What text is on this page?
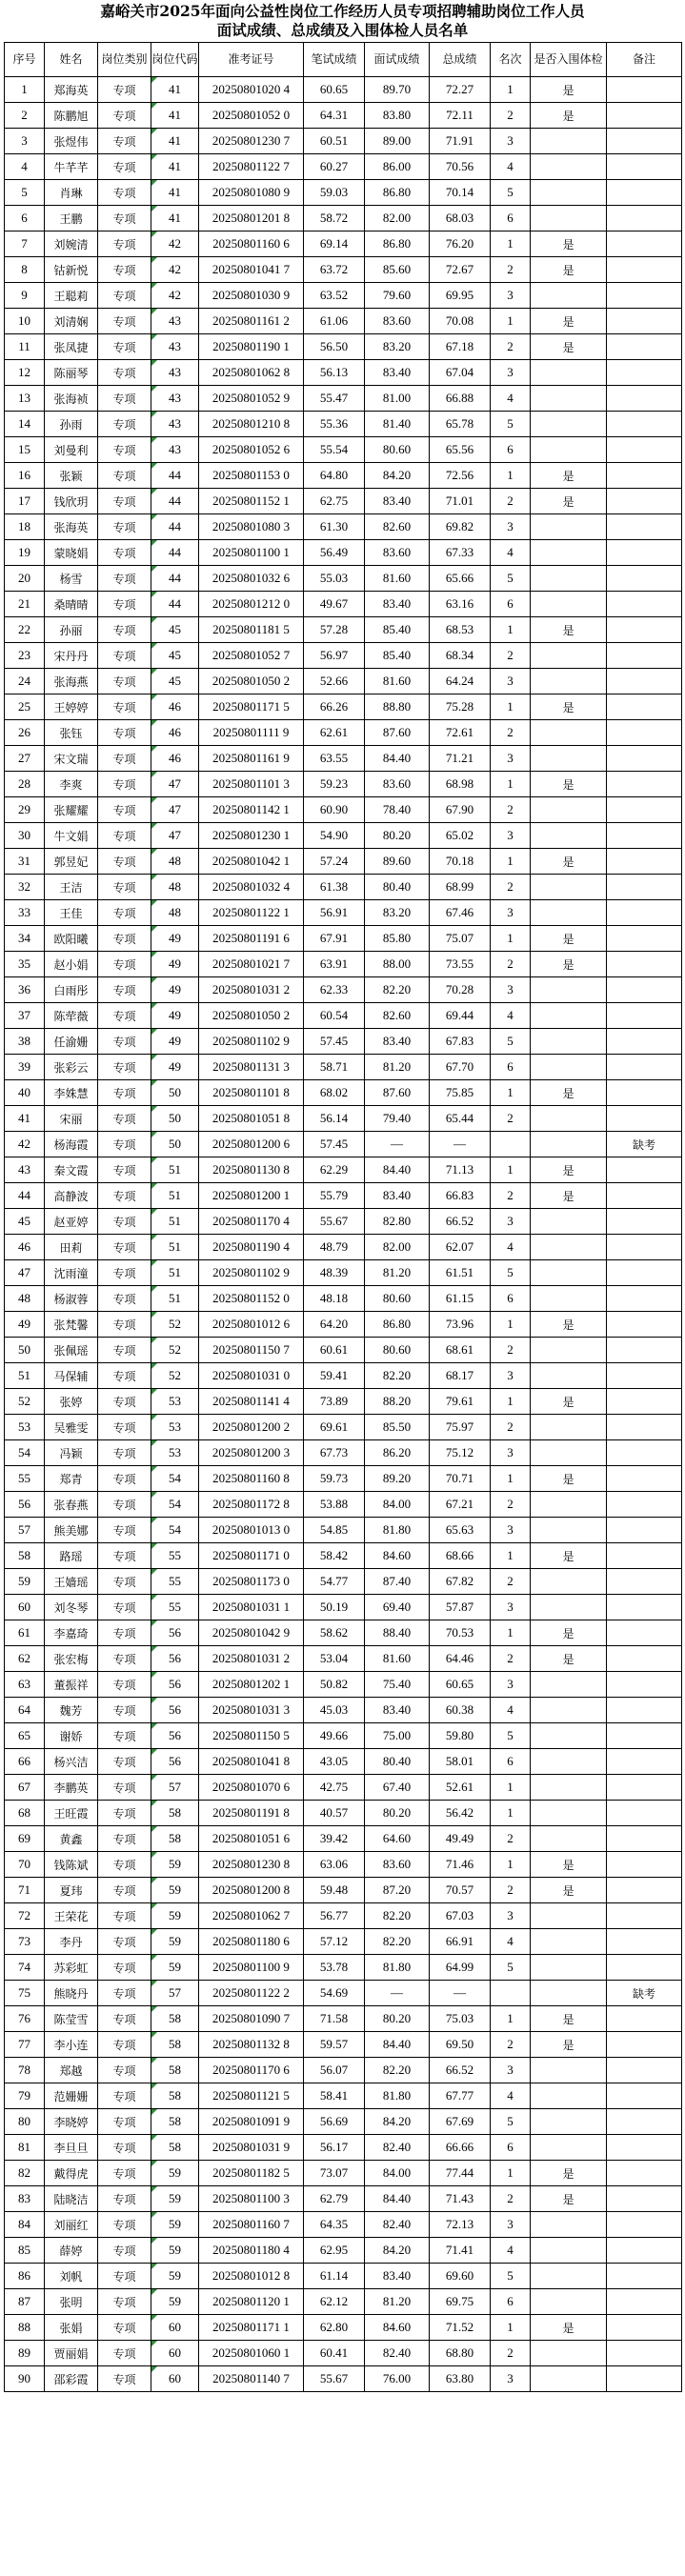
嘉峪关市2025年面向公益性岗位工作经历人员专项招聘辅助岗位工作人员
面试成绩、总成绩及入围体检人员名单
序号	姓名	岗位类别	岗位代码	准考证号	笔试成绩	面试成绩	总成绩	名次	是否入围体检	备注
1	郑海英	专项	41	20250801020 4	60.65	89.70	72.27	1	是	
2	陈鹏旭	专项	41	20250801052 0	64.31	83.80	72.11	2	是	
3	张煜伟	专项	41	20250801230 7	60.51	89.00	71.91	3		
4	牛芊芊	专项	41	20250801122 7	60.27	86.00	70.56	4		
5	肖琳	专项	41	20250801080 9	59.03	86.80	70.14	5		
6	王鹏	专项	41	20250801201 8	58.72	82.00	68.03	6		
7	刘婉清	专项	42	20250801160 6	69.14	86.80	76.20	1	是	
8	钴新悦	专项	42	20250801041 7	63.72	85.60	72.67	2	是	
9	王聪莉	专项	42	20250801030 9	63.52	79.60	69.95	3		
10	刘清娴	专项	43	20250801161 2	61.06	83.60	70.08	1	是	
11	张凤捷	专项	43	20250801190 1	56.50	83.20	67.18	2	是	
12	陈丽琴	专项	43	20250801062 8	56.13	83.40	67.04	3		
13	张海祯	专项	43	20250801052 9	55.47	81.00	66.88	4		
14	孙雨	专项	43	20250801210 8	55.36	81.40	65.78	5		
15	刘曼利	专项	43	20250801052 6	55.54	80.60	65.56	6		
16	张颖	专项	44	20250801153 0	64.80	84.20	72.56	1	是	
17	钱欣玥	专项	44	20250801152 1	62.75	83.40	71.01	2	是	
18	张海英	专项	44	20250801080 3	61.30	82.60	69.82	3		
19	蒙晓娟	专项	44	20250801100 1	56.49	83.60	67.33	4		
20	杨雪	专项	44	20250801032 6	55.03	81.60	65.66	5		
21	桑晴晴	专项	44	20250801212 0	49.67	83.40	63.16	6		
22	孙丽	专项	45	20250801181 5	57.28	85.40	68.53	1	是	
23	宋丹丹	专项	45	20250801052 7	56.97	85.40	68.34	2		
24	张海燕	专项	45	20250801050 2	52.66	81.60	64.24	3		
25	王婷婷	专项	46	20250801171 5	66.26	88.80	75.28	1	是	
26	张钰	专项	46	20250801111 9	62.61	87.60	72.61	2		
27	宋文瑞	专项	46	20250801161 9	63.55	84.40	71.21	3		
28	李爽	专项	47	20250801101 3	59.23	83.60	68.98	1	是	
29	张耀耀	专项	47	20250801142 1	60.90	78.40	67.90	2		
30	牛文娟	专项	47	20250801230 1	54.90	80.20	65.02	3		
31	郭昱妃	专项	48	20250801042 1	57.24	89.60	70.18	1	是	
32	王洁	专项	48	20250801032 4	61.38	80.40	68.99	2		
33	王佳	专项	48	20250801122 1	56.91	83.20	67.46	3		
34	欧阳曦	专项	49	20250801191 6	67.91	85.80	75.07	1	是	
35	赵小娟	专项	49	20250801021 7	63.91	88.00	73.55	2	是	
36	白雨彤	专项	49	20250801031 2	62.33	82.20	70.28	3		
37	陈荦薇	专项	49	20250801050 2	60.54	82.60	69.44	4		
38	任渝姗	专项	49	20250801102 9	57.45	83.40	67.83	5		
39	张彩云	专项	49	20250801131 3	58.71	81.20	67.70	6		
40	李姝慧	专项	50	20250801101 8	68.02	87.60	75.85	1	是	
41	宋丽	专项	50	20250801051 8	56.14	79.40	65.44	2		
42	杨海霞	专项	50	20250801200 6	57.45	—	—			缺考
43	秦文霞	专项	51	20250801130 8	62.29	84.40	71.13	1	是	
44	高静波	专项	51	20250801200 1	55.79	83.40	66.83	2	是	
45	赵亚婷	专项	51	20250801170 4	55.67	82.80	66.52	3		
46	田莉	专项	51	20250801190 4	48.79	82.00	62.07	4		
47	沈雨潼	专项	51	20250801102 9	48.39	81.20	61.51	5		
48	杨淑蓉	专项	51	20250801152 0	48.18	80.60	61.15	6		
49	张梵馨	专项	52	20250801012 6	64.20	86.80	73.96	1	是	
50	张佩瑶	专项	52	20250801150 7	60.61	80.60	68.61	2		
51	马保辅	专项	52	20250801031 0	59.41	82.20	68.17	3		
52	张婷	专项	53	20250801141 4	73.89	88.20	79.61	1	是	
53	吴雅雯	专项	53	20250801200 2	69.61	85.50	75.97	2		
54	冯颖	专项	53	20250801200 3	67.73	86.20	75.12	3		
55	郑青	专项	54	20250801160 8	59.73	89.20	70.71	1	是	
56	张春燕	专项	54	20250801172 8	53.88	84.00	67.21	2		
57	熊美娜	专项	54	20250801013 0	54.85	81.80	65.63	3		
58	路瑶	专项	55	20250801171 0	58.42	84.60	68.66	1	是	
59	王嫱瑶	专项	55	20250801173 0	54.77	87.40	67.82	2		
60	刘冬琴	专项	55	20250801031 1	50.19	69.40	57.87	3		
61	李嘉琦	专项	56	20250801042 9	58.62	88.40	70.53	1	是	
62	张宏梅	专项	56	20250801031 2	53.04	81.60	64.46	2	是	
63	董振祥	专项	56	20250801202 1	50.82	75.40	60.65	3		
64	魏芳	专项	56	20250801031 3	45.03	83.40	60.38	4		
65	谢娇	专项	56	20250801150 5	49.66	75.00	59.80	5		
66	杨兴洁	专项	56	20250801041 8	43.05	80.40	58.01	6		
67	李鹏英	专项	57	20250801070 6	42.75	67.40	52.61	1		
68	王旺霞	专项	58	20250801191 8	40.57	80.20	56.42	1		
69	黄鑫	专项	58	20250801051 6	39.42	64.60	49.49	2		
70	钱陈斌	专项	59	20250801230 8	63.06	83.60	71.46	1	是	
71	夏玮	专项	59	20250801200 8	59.48	87.20	70.57	2	是	
72	王荣花	专项	59	20250801062 7	56.77	82.20	67.03	3		
73	李丹	专项	59	20250801180 6	57.12	82.20	66.91	4		
74	苏彩虹	专项	59	20250801100 9	53.78	81.80	64.99	5		
75	熊晓丹	专项	57	20250801122 2	54.69	—	—			缺考
76	陈莹雪	专项	58	20250801090 7	71.58	80.20	75.03	1	是	
77	李小连	专项	58	20250801132 8	59.57	84.40	69.50	2	是	
78	郑越	专项	58	20250801170 6	56.07	82.20	66.52	3		
79	范姗姗	专项	58	20250801121 5	58.41	81.80	67.77	4		
80	李晓婷	专项	58	20250801091 9	56.69	84.20	67.69	5		
81	李旦旦	专项	58	20250801031 9	56.17	82.40	66.66	6		
82	戴得虎	专项	59	20250801182 5	73.07	84.00	77.44	1	是	
83	陆晓洁	专项	59	20250801100 3	62.79	84.40	71.43	2	是	
84	刘丽红	专项	59	20250801160 7	64.35	82.40	72.13	3		
85	薛婷	专项	59	20250801180 4	62.95	84.20	71.41	4		
86	刘帆	专项	59	20250801012 8	61.14	83.40	69.60	5		
87	张明	专项	59	20250801120 1	62.12	81.20	69.75	6		
88	张娟	专项	60	20250801171 1	62.80	84.60	71.52	1	是	
89	贾丽娟	专项	60	20250801060 1	60.41	82.40	68.80	2		
90	邵彩霞	专项	60	20250801140 7	55.67	76.00	63.80	3		
